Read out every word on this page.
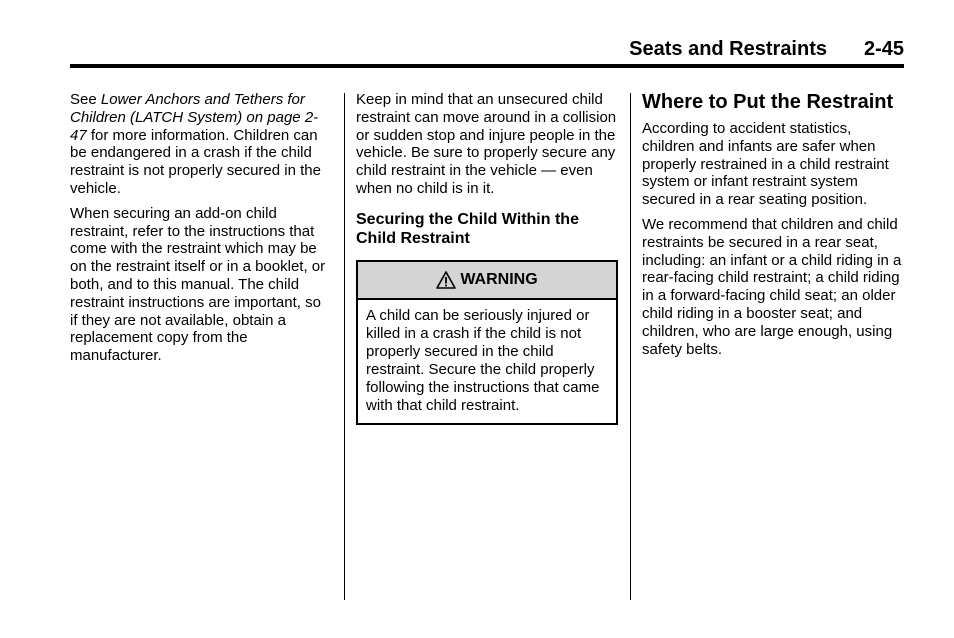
Seats and Restraints 2-45

See Lower Anchors and Tethers for Children (LATCH System) on page 2-47 for more information. Children can be endangered in a crash if the child restraint is not properly secured in the vehicle.

When securing an add-on child restraint, refer to the instructions that come with the restraint which may be on the restraint itself or in a booklet, or both, and to this manual. The child restraint instructions are important, so if they are not available, obtain a replacement copy from the manufacturer.

Keep in mind that an unsecured child restraint can move around in a collision or sudden stop and injure people in the vehicle. Be sure to properly secure any child restraint in the vehicle — even when no child is in it.

Securing the Child Within the Child Restraint
WARNING
A child can be seriously injured or killed in a crash if the child is not properly secured in the child restraint. Secure the child properly following the instructions that came with that child restraint.
Where to Put the Restraint

According to accident statistics, children and infants are safer when properly restrained in a child restraint system or infant restraint system secured in a rear seating position.

We recommend that children and child restraints be secured in a rear seat, including: an infant or a child riding in a rear-facing child restraint; a child riding in a forward-facing child seat; an older child riding in a booster seat; and children, who are large enough, using safety belts.
